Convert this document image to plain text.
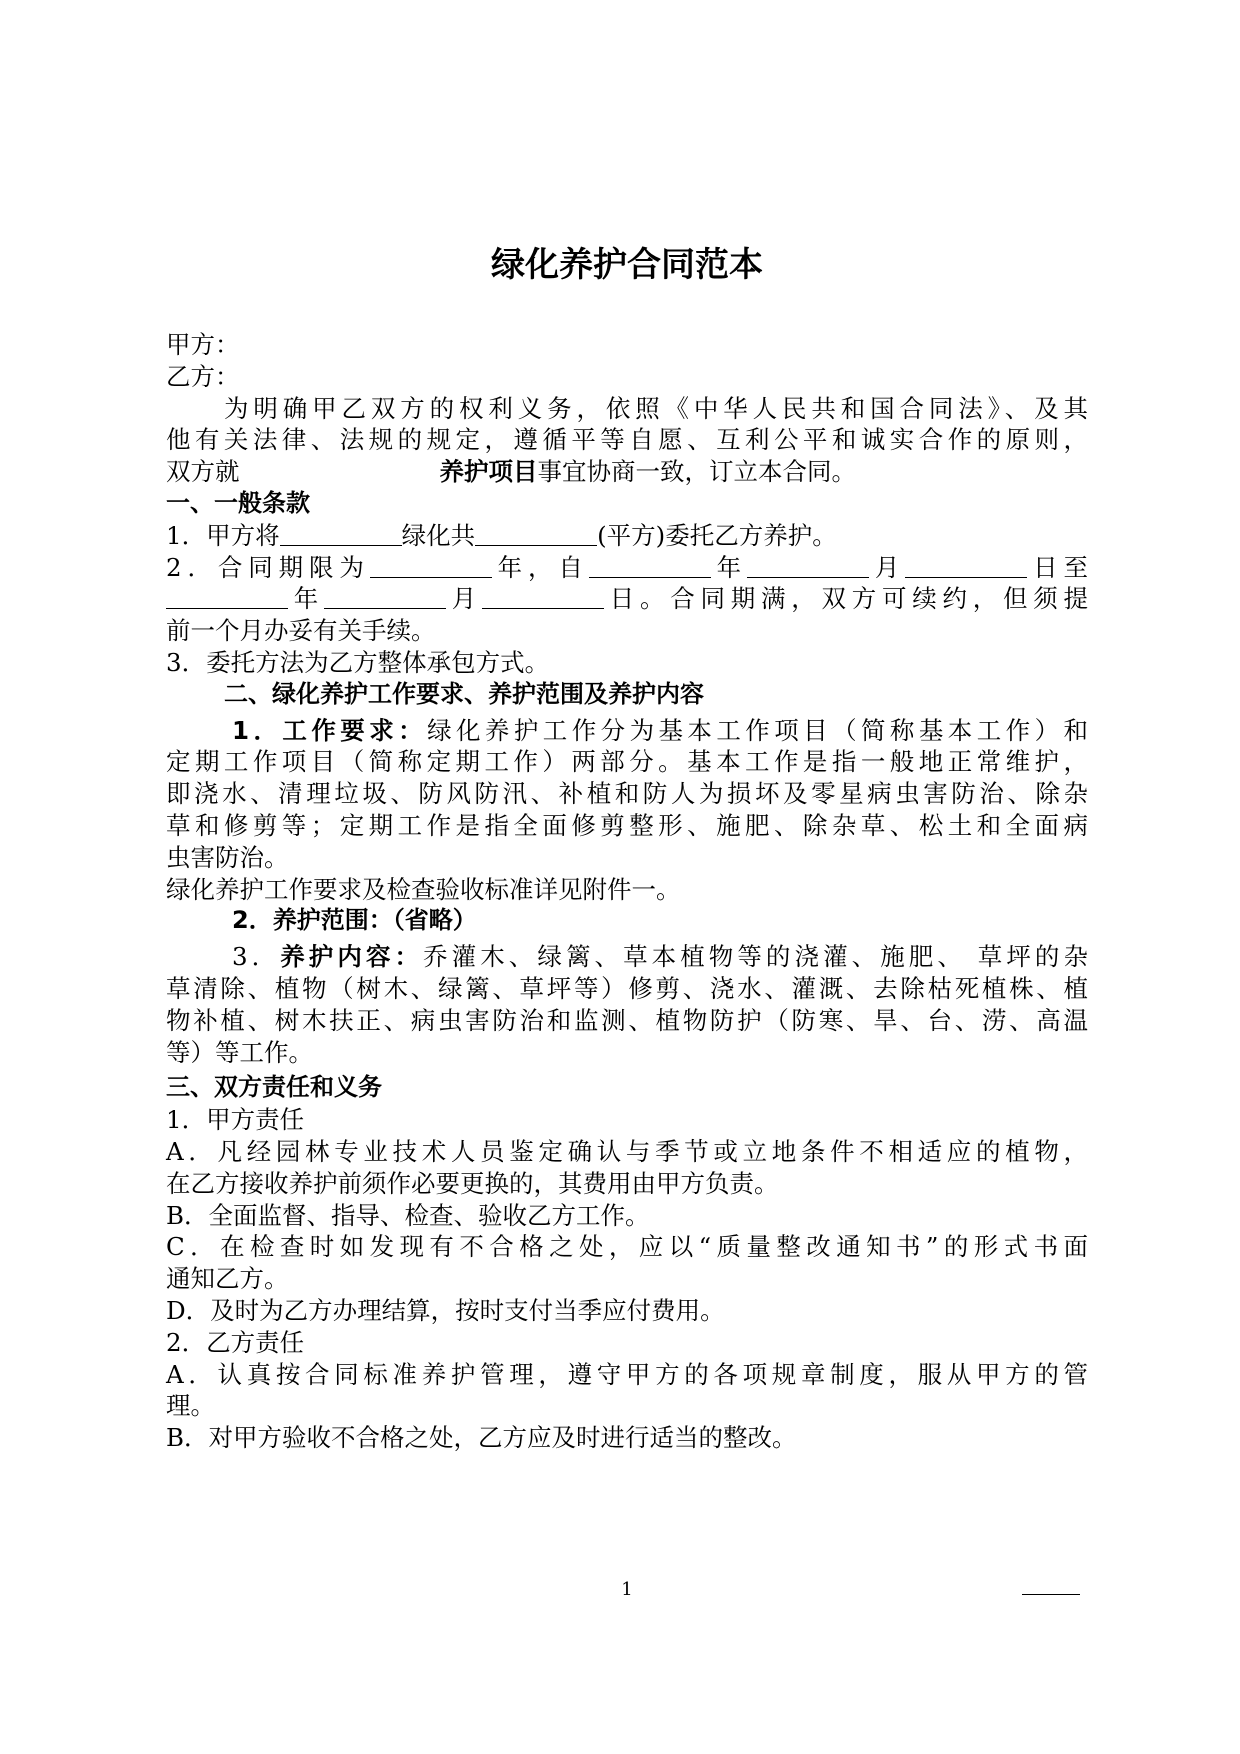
绿化养护合同范本
甲方：
乙方：
为明确甲乙双方的权利义务，依照《中华人民共和国合同法》、及其
他有关法律、法规的规定，遵循平等自愿、互利公平和诚实合作的原则，
双方就	养护项目事宜协商一致，订立本合同。
一、一般条款
1．甲方将	绿化共	(平方)委托乙方养护。
2．合同期限为	年，自	年	月	日至
年	月	日。合同期满，双方可续约，但须提
前一个月办妥有关手续。
3．委托方法为乙方整体承包方式。
二、绿化养护工作要求、养护范围及养护内容
1．工作要求：绿化养护工作分为基本工作项目（简称基本工作）和
定期工作项目（简称定期工作）两部分。基本工作是指一般地正常维护，
即浇水、清理垃圾、防风防汛、补植和防人为损坏及零星病虫害防治、除杂
草和修剪等；定期工作是指全面修剪整形、施肥、除杂草、松土和全面病
虫害防治。
绿化养护工作要求及检查验收标准详见附件一。
2．养护范围：（省略）
3．养护内容：乔灌木、绿篱、草本植物等的浇灌、施肥、 草坪的杂
草清除、植物（树木、绿篱、草坪等）修剪、浇水、灌溉、去除枯死植株、植
物补植、树木扶正、病虫害防治和监测、植物防护（防寒、旱、台、涝、高温
等）等工作。
三、双方责任和义务
1．甲方责任
A．凡经园林专业技术人员鉴定确认与季节或立地条件不相适应的植物，
在乙方接收养护前须作必要更换的，其费用由甲方负责。
B．全面监督、指导、检查、验收乙方工作。
C．在检查时如发现有不合格之处，应以“质量整改通知书”的形式书面
通知乙方。
D．及时为乙方办理结算，按时支付当季应付费用。
2．乙方责任
A．认真按合同标准养护管理，遵守甲方的各项规章制度，服从甲方的管
理。
B．对甲方验收不合格之处，乙方应及时进行适当的整改。
1
